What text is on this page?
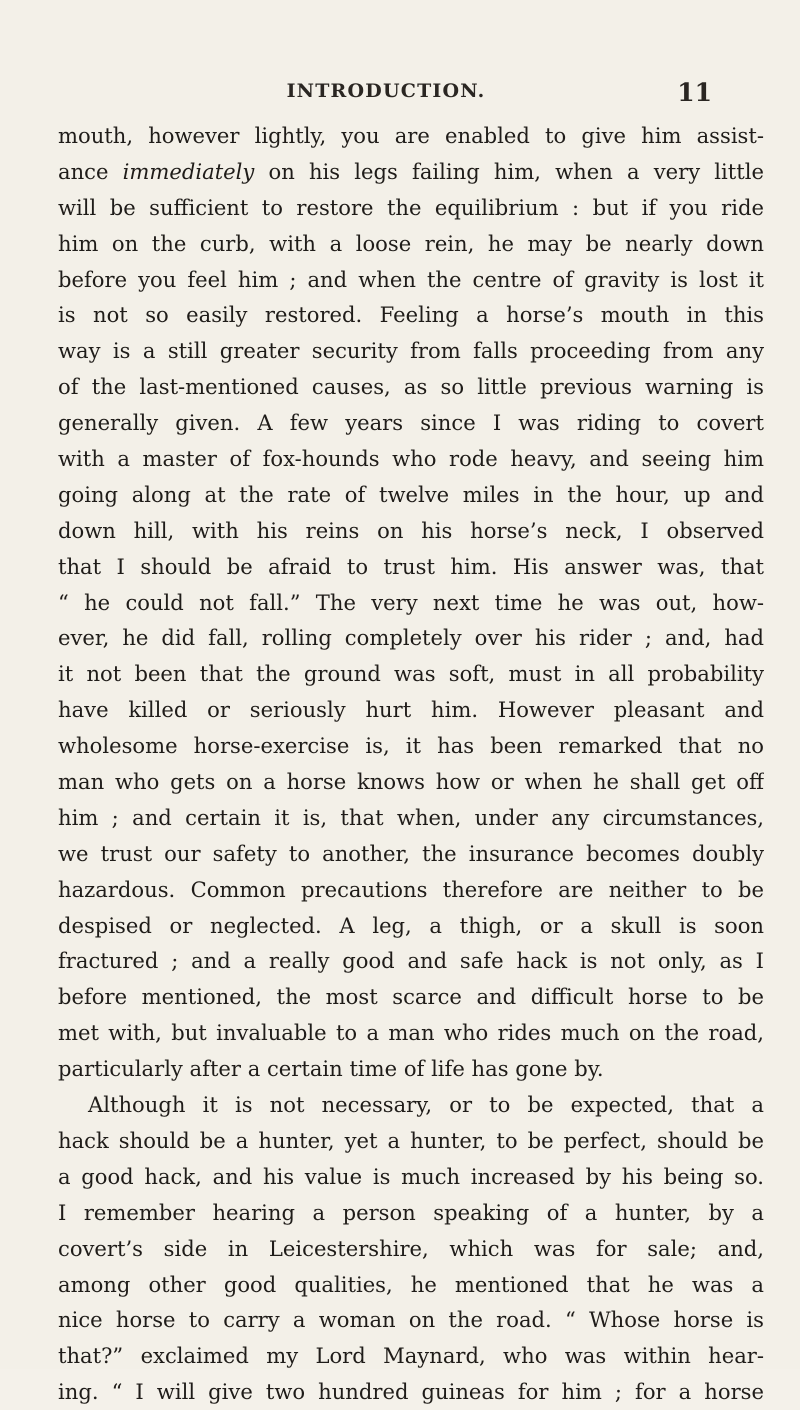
INTRODUCTION.	11
mouth, however lightly, you are enabled to give him assist-
ance immediately on his legs failing him, when a very little
will be sufficient to restore the equilibrium : but if you ride
him on the curb, with a loose rein, he may be nearly down
before you feel him ; and when the centre of gravity is lost it
is not so easily restored. Feeling a horse’s mouth in this
way is a still greater security from falls proceeding from any
of the last-mentioned causes, as so little previous warning is
generally given. A few years since I was riding to covert
with a master of fox-hounds who rode heavy, and seeing him
going along at the rate of twelve miles in the hour, up and
down hill, with his reins on his horse’s neck, I observed
that I should be afraid to trust him. His answer was, that
“ he could not fall.” The very next time he was out, how-
ever, he did fall, rolling completely over his rider ; and, had
it not been that the ground was soft, must in all probability
have killed or seriously hurt him. However pleasant and
wholesome horse-exercise is, it has been remarked that no
man who gets on a horse knows how or when he shall get off
him ; and certain it is, that when, under any circumstances,
we trust our safety to another, the insurance becomes doubly
hazardous. Common precautions therefore are neither to be
despised or neglected. A leg, a thigh, or a skull is soon
fractured ; and a really good and safe hack is not only, as I
before mentioned, the most scarce and difficult horse to be
met with, but invaluable to a man who rides much on the road,
particularly after a certain time of life has gone by.
Although it is not necessary, or to be expected, that a
hack should be a hunter, yet a hunter, to be perfect, should be
a good hack, and his value is much increased by his being so.
I remember hearing a person speaking of a hunter, by a
covert’s side in Leicestershire, which was for sale; and,
among other good qualities, he mentioned that he was a
nice horse to carry a woman on the road. “ Whose horse is
that?” exclaimed my Lord Maynard, who was within hear-
ing. “ I will give two hundred guineas for him ; for a horse
